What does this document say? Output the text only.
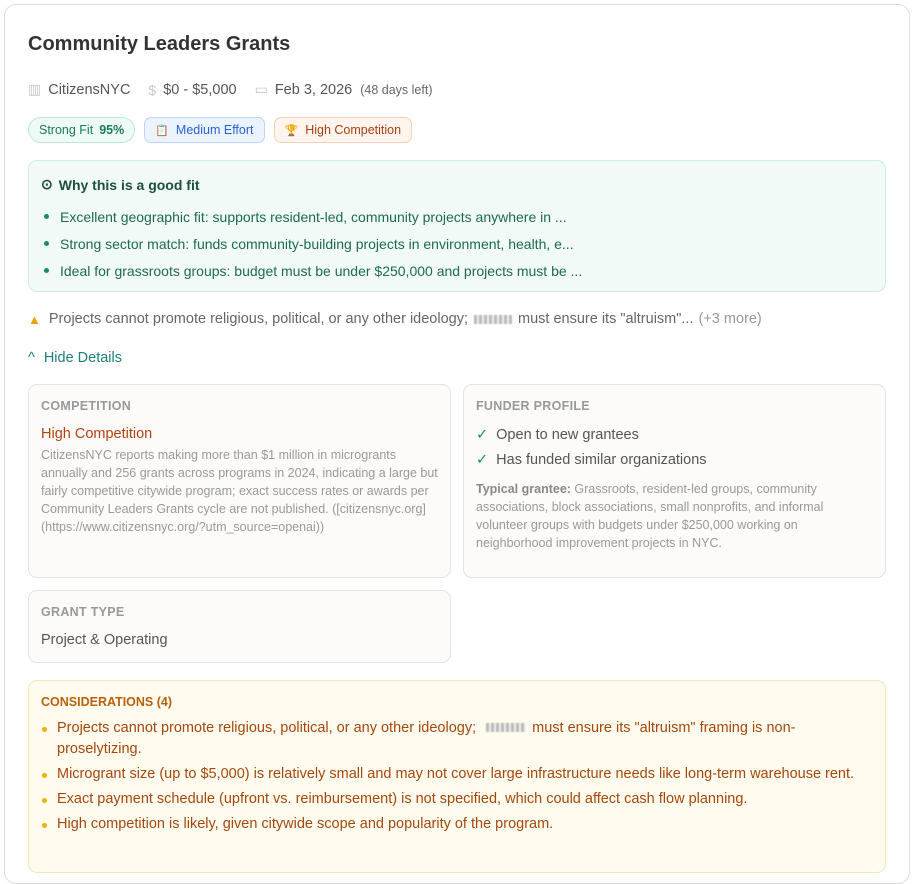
Community Leaders Grants
▥ CitizensNYC $ $0 - $5,000 ▭ Feb 3, 2026 (48 days left)
Strong Fit 95%	📋 Medium Effort	🏆 High Competition
⊙ Why this is a good fit
Excellent geographic fit: supports resident-led, community projects anywhere in ...
Strong sector match: funds community-building projects in environment, health, e...
Ideal for grassroots groups: budget must be under $250,000 and projects must be ...
▲ Projects cannot promote religious, political, or any other ideology;	must ensure its "altruism"... (+3 more)
^ Hide Details
COMPETITION
High Competition
CitizensNYC reports making more than $1 million in microgrants annually and 256 grants across programs in 2024, indicating a large but fairly competitive citywide program; exact success rates or awards per Community Leaders Grants cycle are not published. ([citizensnyc.org](https://www.citizensnyc.org/?utm_source=openai))
FUNDER PROFILE
✓ Open to new grantees
✓ Has funded similar organizations
Typical grantee: Grassroots, resident-led groups, community associations, block associations, small nonprofits, and informal volunteer groups with budgets under $250,000 working on neighborhood improvement projects in NYC.
GRANT TYPE
Project & Operating
CONSIDERATIONS (4)
Projects cannot promote religious, political, or any other ideology;	must ensure its "altruism" framing is non-proselytizing.
Microgrant size (up to $5,000) is relatively small and may not cover large infrastructure needs like long-term warehouse rent.
Exact payment schedule (upfront vs. reimbursement) is not specified, which could affect cash flow planning.
High competition is likely, given citywide scope and popularity of the program.
